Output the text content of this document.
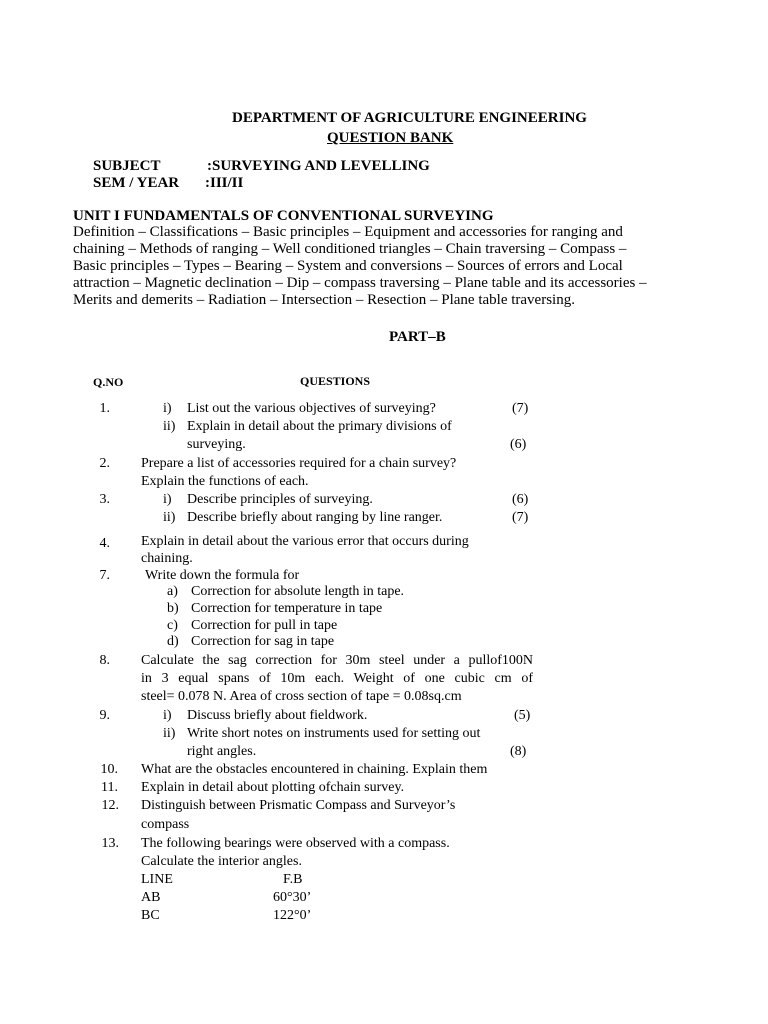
DEPARTMENT OF AGRICULTURE ENGINEERING
QUESTION BANK
SUBJECT	:SURVEYING AND LEVELLING
SEM / YEAR :III/II
UNIT I FUNDAMENTALS OF CONVENTIONAL SURVEYING
Definition – Classifications – Basic principles – Equipment and accessories for ranging and
chaining – Methods of ranging – Well conditioned triangles – Chain traversing – Compass –
Basic principles – Types – Bearing – System and conversions – Sources of errors and Local
attraction – Magnetic declination – Dip – compass traversing – Plane table and its accessories –
Merits and demerits – Radiation – Intersection – Resection – Plane table traversing.
PART–B
Q.NO	QUESTIONS
1.	i) List out the various objectives of surveying?	(7)
ii) Explain in detail about the primary divisions of
surveying.	(6)
2. Prepare a list of accessories required for a chain survey?
Explain the functions of each.
3.	i) Describe principles of surveying.	(6)
ii) Describe briefly about ranging by line ranger.	(7)
4. Explain in detail about the various error that occurs during
chaining.
7.	Write down the formula for
a) Correction for absolute length in tape.
b) Correction for temperature in tape
c) Correction for pull in tape
d) Correction for sag in tape
8. Calculate the sag correction for 30m steel under a pullof100N
in 3 equal spans of 10m each. Weight of one cubic cm of
steel= 0.078 N. Area of cross section of tape = 0.08sq.cm
9.	i) Discuss briefly about fieldwork.	(5)
ii) Write short notes on instruments used for setting out
right angles.	(8)
10. What are the obstacles encountered in chaining. Explain them
11. Explain in detail about plotting ofchain survey.
12. Distinguish between Prismatic Compass and Surveyor’s
compass
13. The following bearings were observed with a compass.
Calculate the interior angles.
LINE	F.B
AB	60°30’
BC	122°0’
